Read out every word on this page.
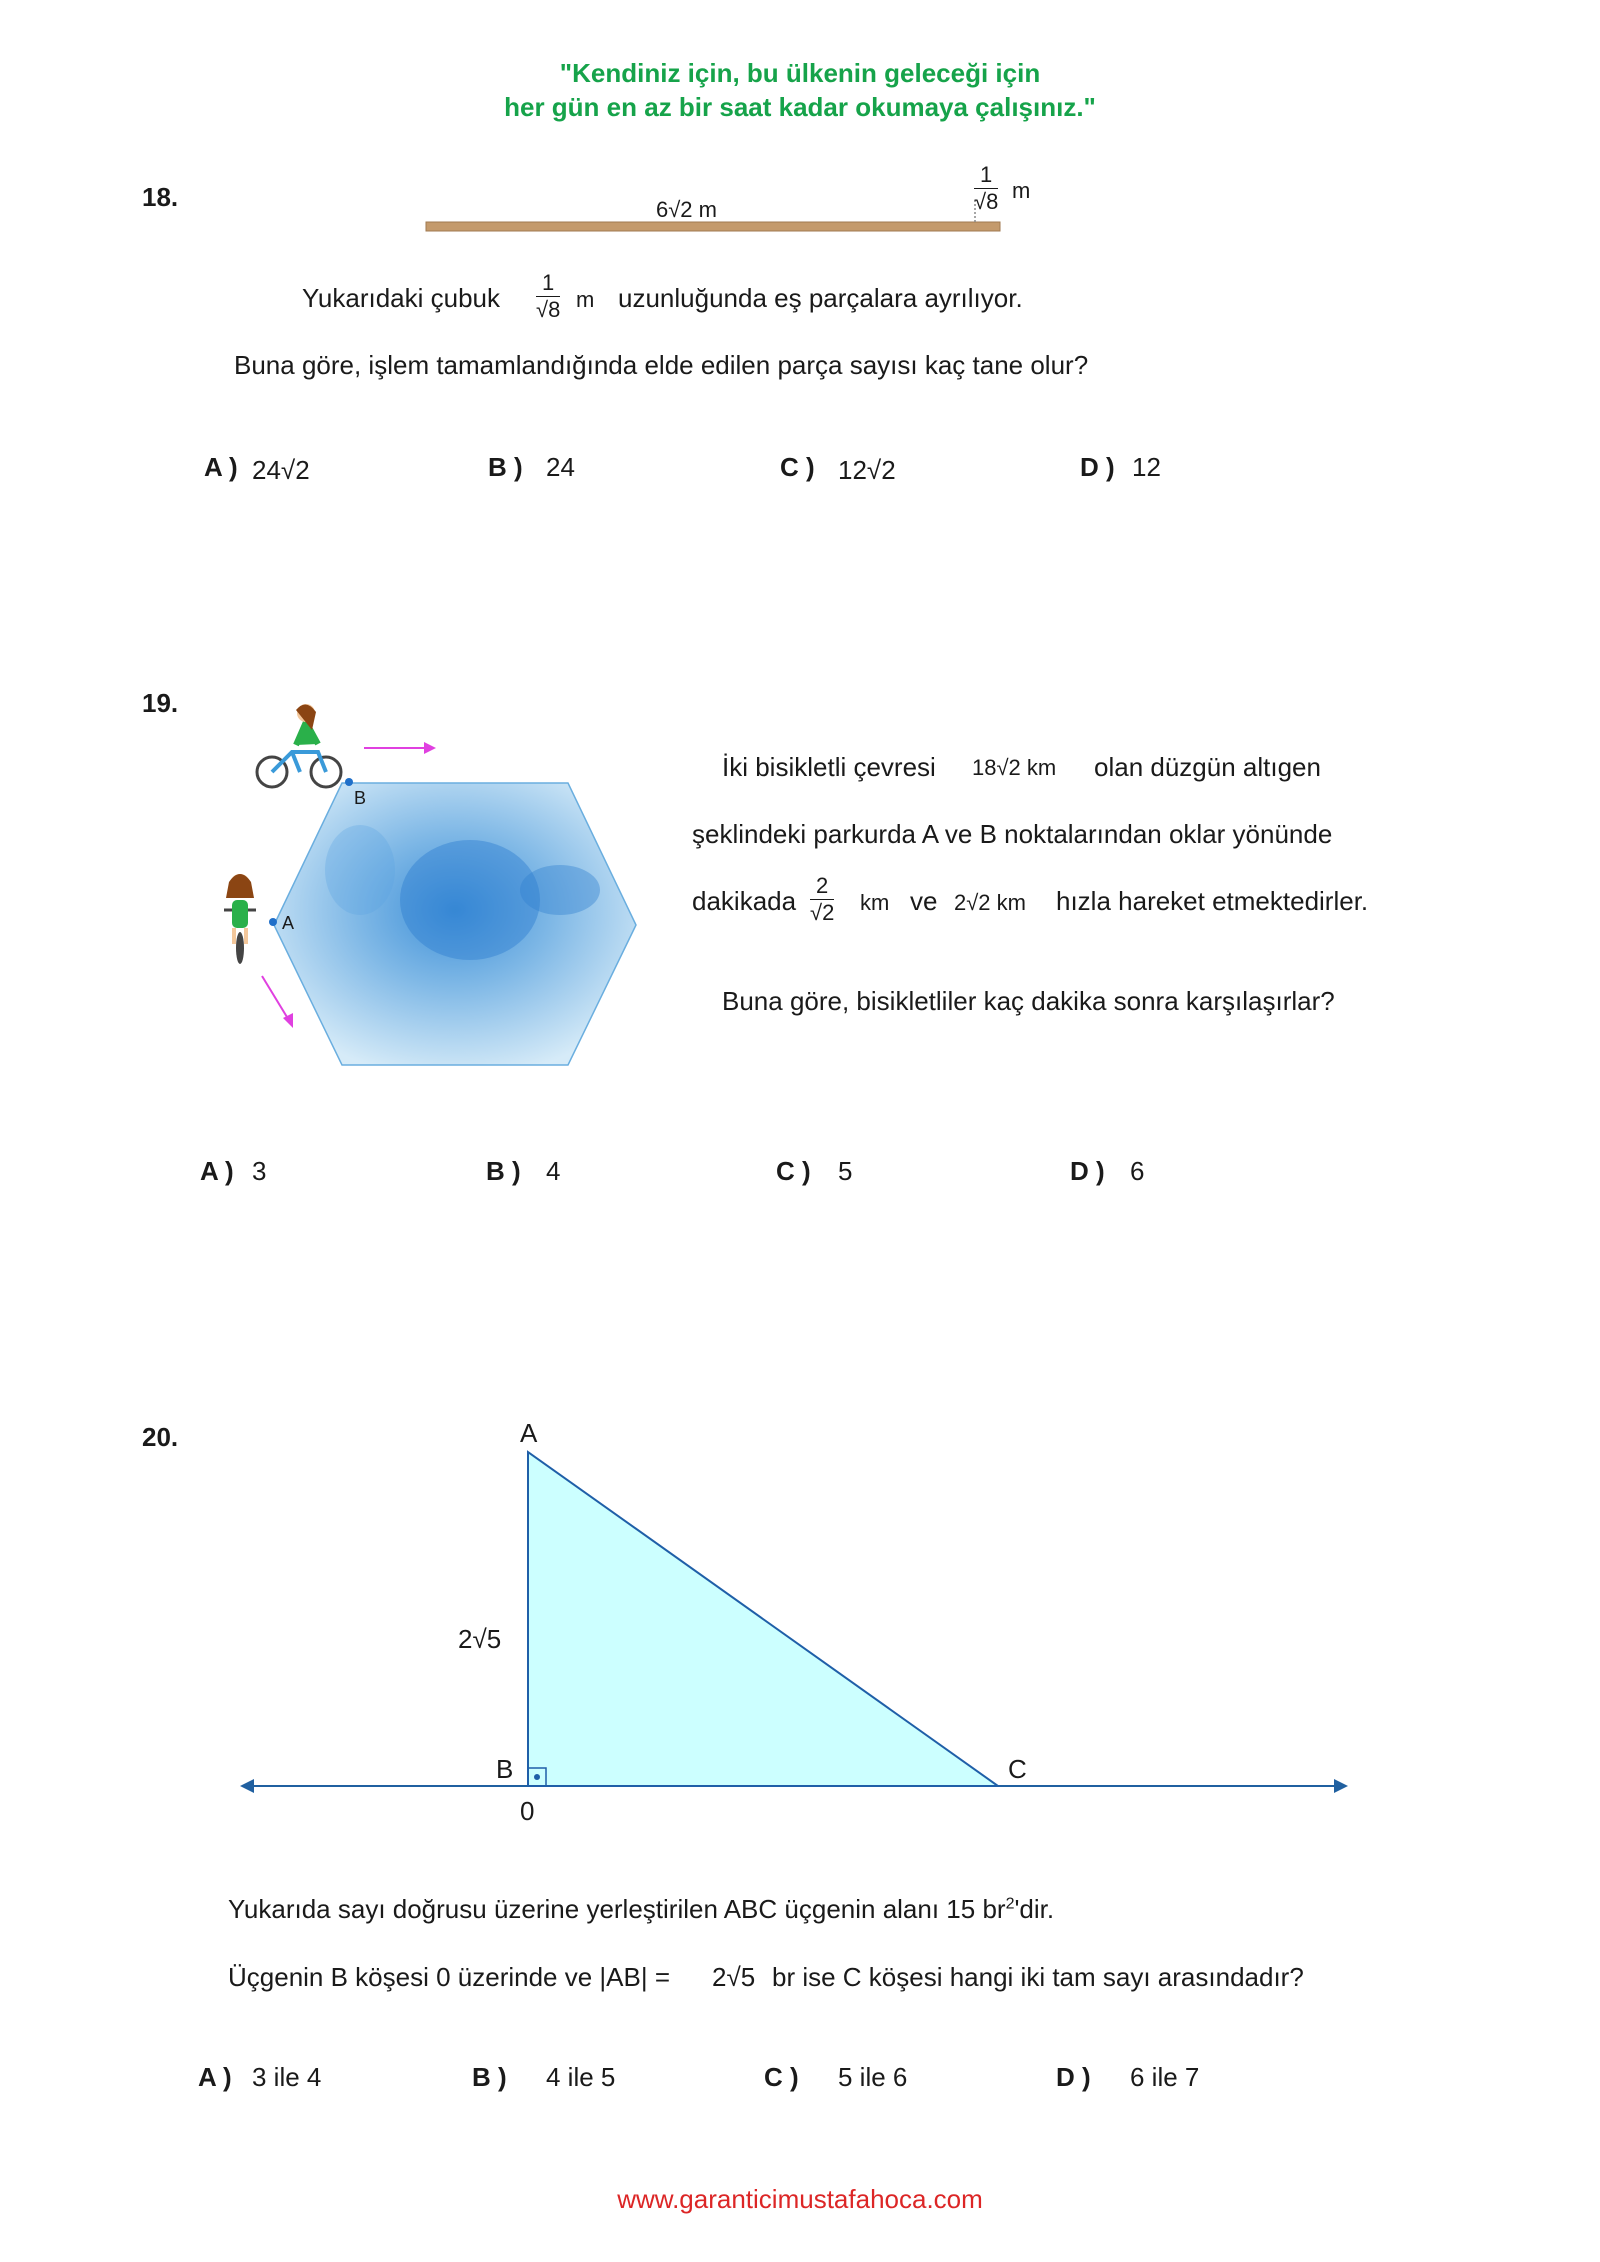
"Kendiniz için, bu ülkenin geleceği için
her gün en az bir saat kadar okumaya çalışınız."
18.	6√2 m	$\frac{1}{√8}$ m
Yukarıdaki çubuk $\frac{1}{√8}$ m uzunluğunda eş parçalara ayrılıyor.
Buna göre, işlem tamamlandığında elde edilen parça sayısı kaç tane olur?
A ) 24√2	B ) 24	C ) 12√2	D ) 12
19.
B
A
İki bisikletli çevresi 18√2 km olan düzgün altıgen
şeklindeki parkurda A ve B noktalarından oklar yönünde
dakikada $\frac{2}{√2}$ km ve 2√2 km hızla hareket etmektedirler.
Buna göre, bisikletliler kaç dakika sonra karşılaşırlar?
A ) 3	B ) 4	C ) 5	D ) 6
20.	A
B	C
0
2√5
Yukarıda sayı doğrusu üzerine yerleştirilen ABC üçgenin alanı 15 $br^2'dir$.
Üçgenin B köşesi 0 üzerinde ve |AB| = 2√5 br ise C köşesi hangi iki tam sayı arasındadır?
A ) 3 ile 4	B ) 4 ile 5	C ) 5 ile 6	D ) 6 ile 7
www.garanticimustafahoca.com
